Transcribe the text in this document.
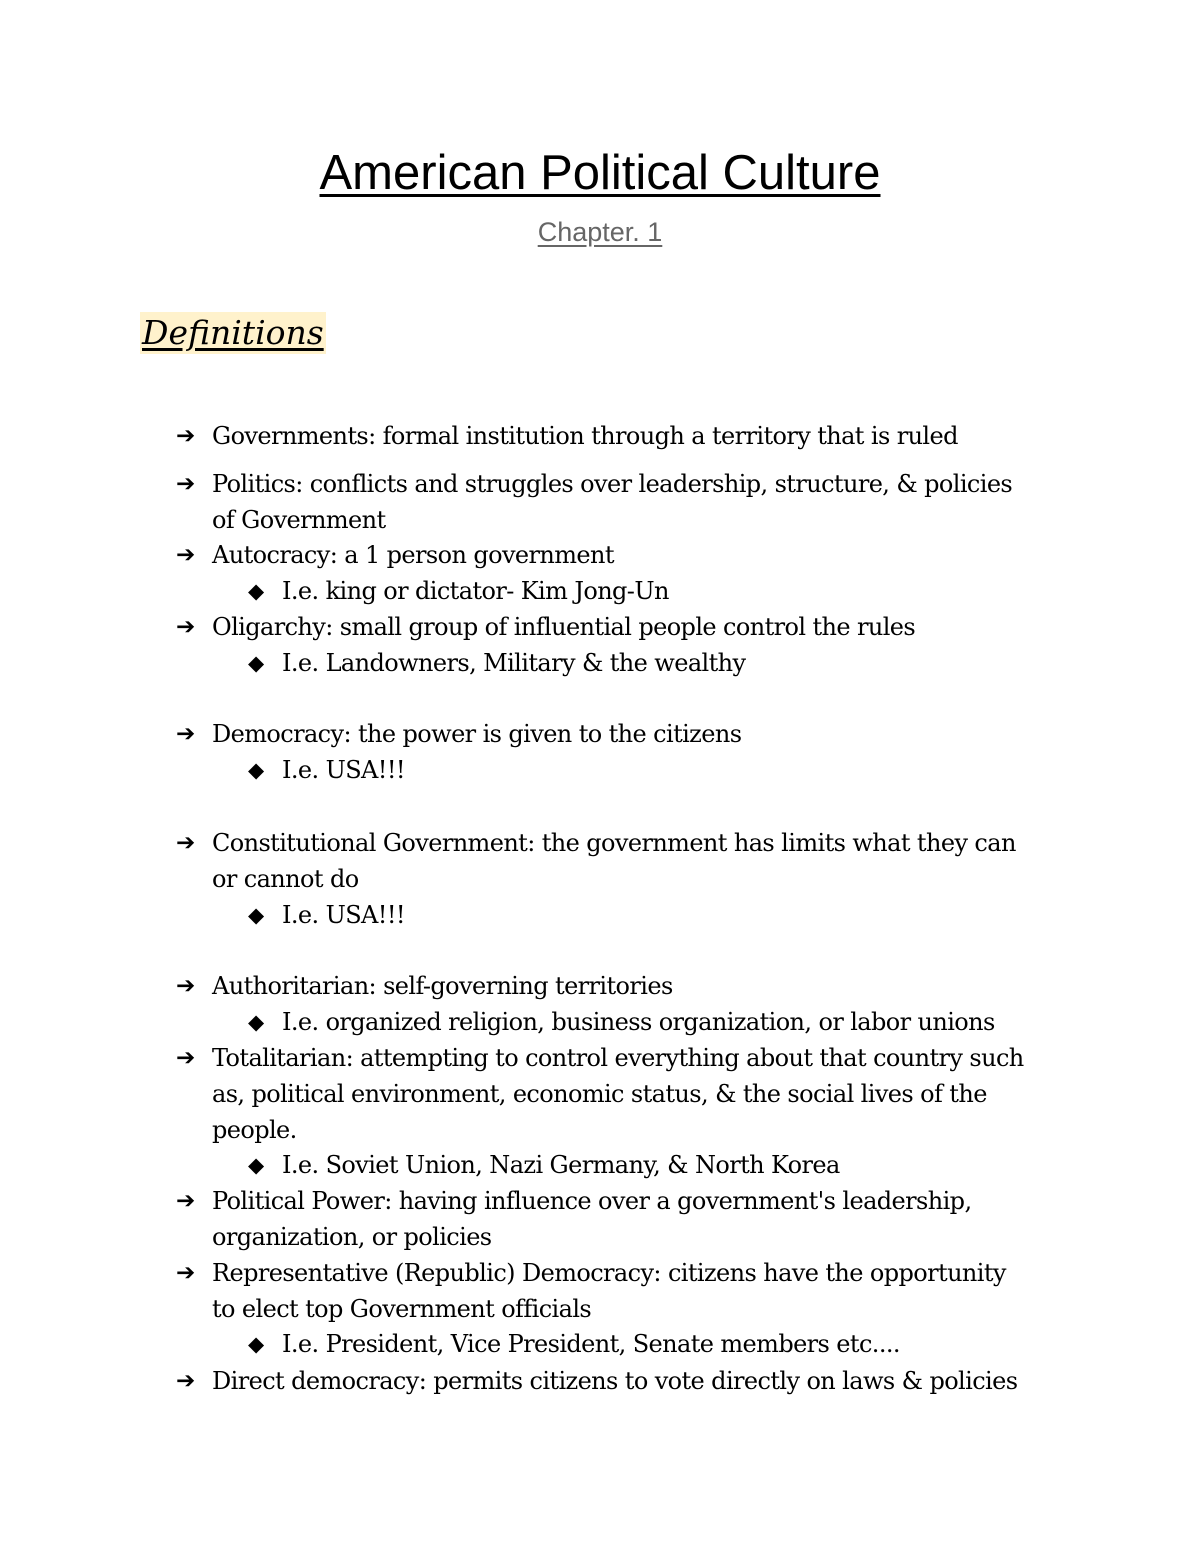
American Political Culture
Chapter. 1
Definitions
➔ Governments: formal institution through a territory that is ruled
➔ Politics: conflicts and struggles over leadership, structure, & policies
of Government
➔ Autocracy: a 1 person government
◆ I.e. king or dictator- Kim Jong-Un
➔ Oligarchy: small group of influential people control the rules
◆ I.e. Landowners, Military & the wealthy
➔ Democracy: the power is given to the citizens
◆ I.e. USA!!!
➔ Constitutional Government: the government has limits what they can
or cannot do
◆ I.e. USA!!!
➔ Authoritarian: self-governing territories
◆ I.e. organized religion, business organization, or labor unions
➔ Totalitarian: attempting to control everything about that country such
as, political environment, economic status, & the social lives of the
people.
◆ I.e. Soviet Union, Nazi Germany, & North Korea
➔ Political Power: having influence over a government's leadership,
organization, or policies
➔ Representative (Republic) Democracy: citizens have the opportunity
to elect top Government officials
◆ I.e. President, Vice President, Senate members etc....
➔ Direct democracy: permits citizens to vote directly on laws & policies
